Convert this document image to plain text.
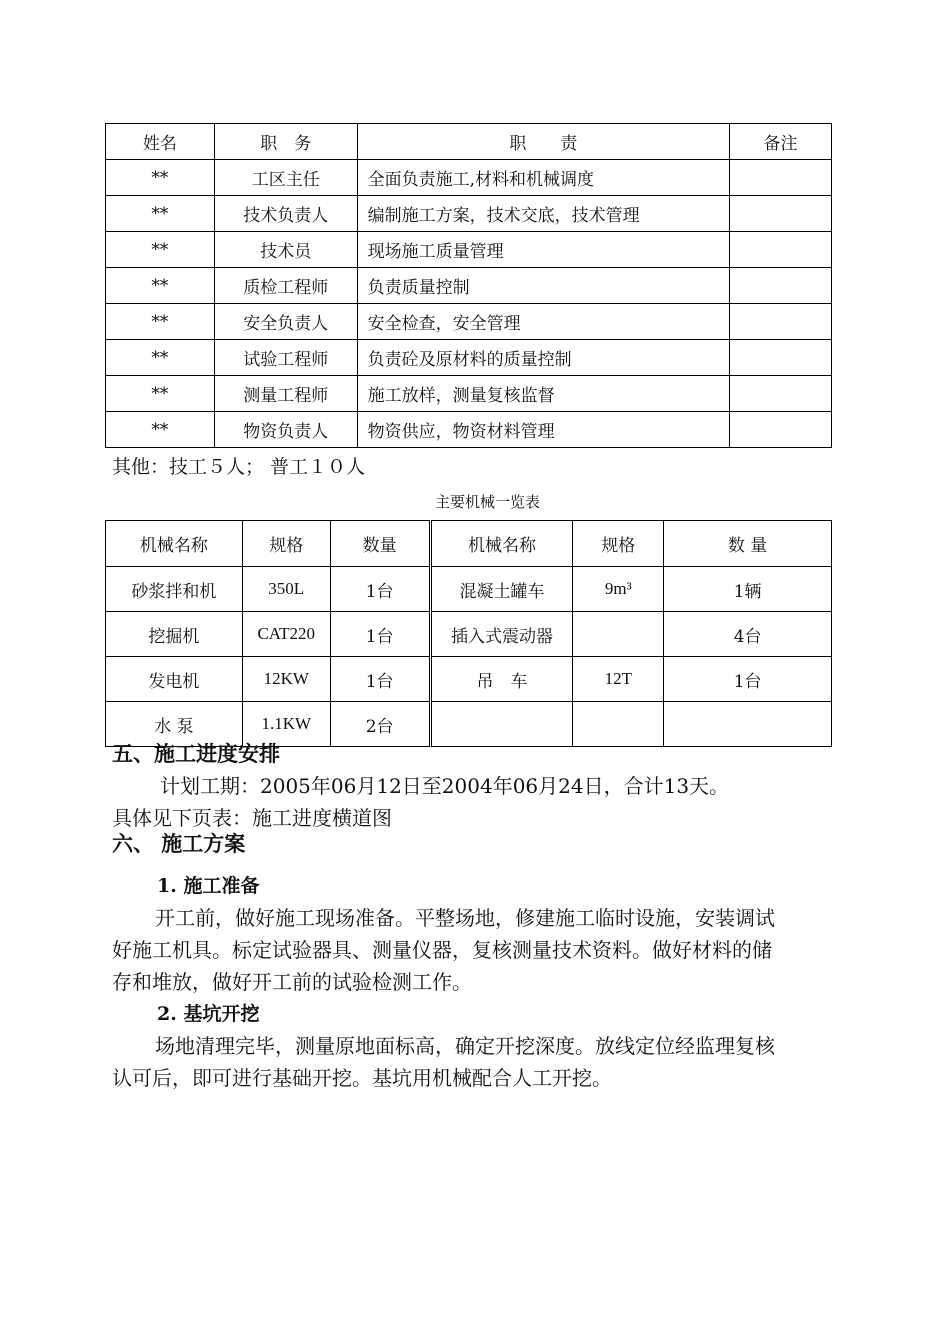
姓名	职　务	职　　责	备注
**	工区主任	全面负责施工,材料和机械调度	
**	技术负责人	编制施工方案，技术交底，技术管理	
**	技术员	现场施工质量管理	
**	质检工程师	负责质量控制	
**	安全负责人	安全检查，安全管理	
**	试验工程师	负责砼及原材料的质量控制	
**	测量工程师	施工放样，测量复核监督	
**	物资负责人	物资供应，物资材料管理	
其他：技工５人； 普工１０人
主要机械一览表
机械名称	规格	数量	机械名称	规格	数 量
砂浆拌和机	350L	1台	混凝土罐车	9m³	1辆
挖掘机	CAT220	1台	插入式震动器		4台
发电机	12KW	1台	吊　车	12T	1台
水 泵	1.1KW	2台			
五、施工进度安排
计划工期：2005年06月12日至2004年06月24日，合计13天。
具体见下页表：施工进度横道图
六、 施工方案
1. 施工准备
开工前，做好施工现场准备。平整场地，修建施工临时设施，安装调试
好施工机具。标定试验器具、测量仪器，复核测量技术资料。做好材料的储
存和堆放，做好开工前的试验检测工作。
2. 基坑开挖
场地清理完毕，测量原地面标高，确定开挖深度。放线定位经监理复核
认可后，即可进行基础开挖。基坑用机械配合人工开挖。
